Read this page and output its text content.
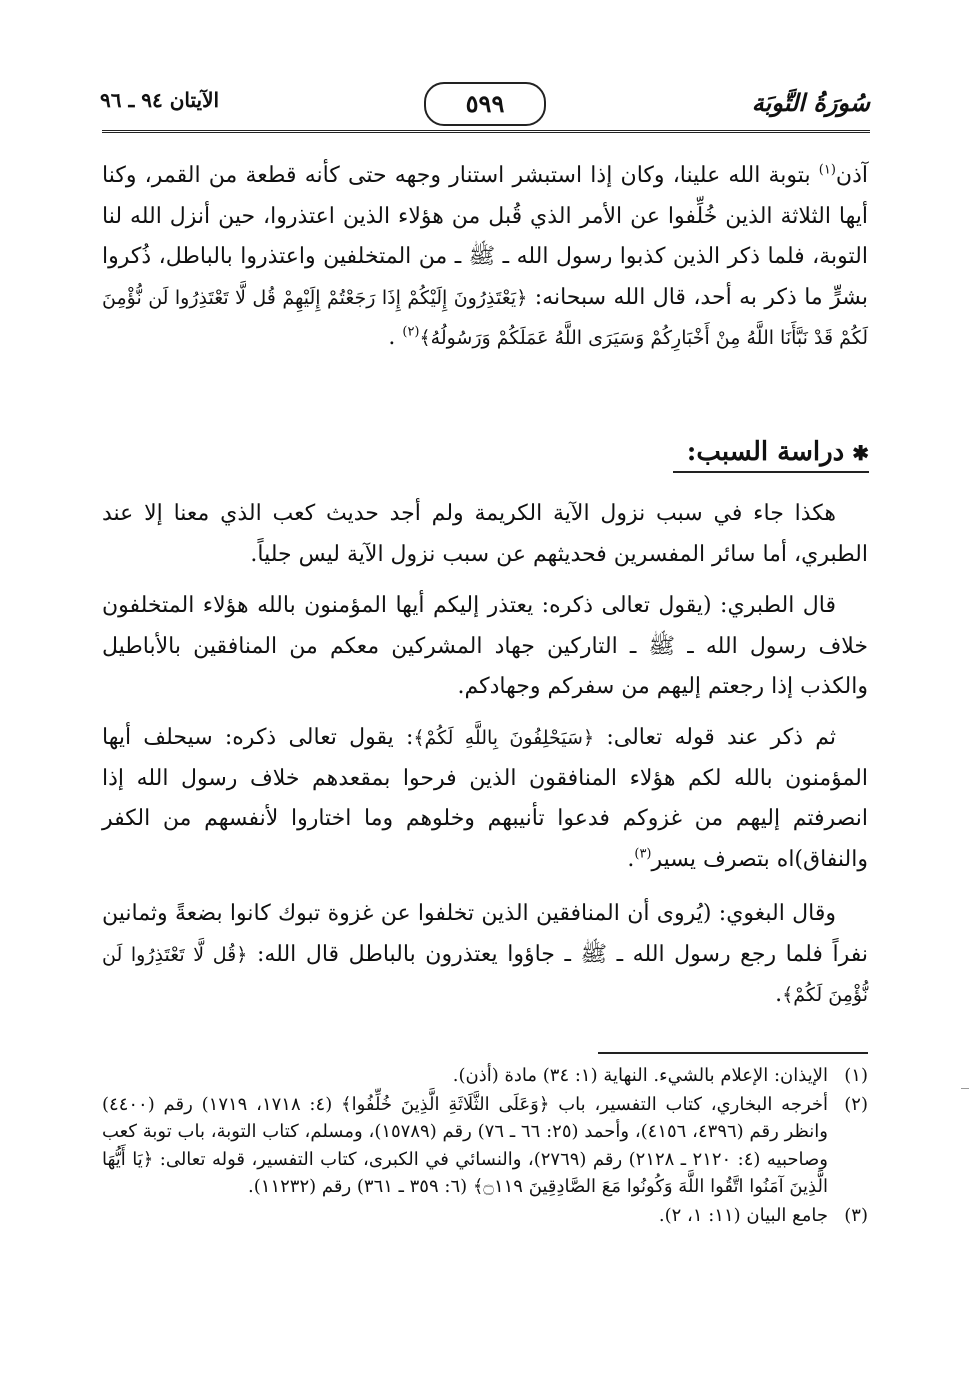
سُورَةُ التَّوبَة
٥٩٩
الآيتان ٩٤ ـ ٩٦

آذن$^{(١)}$ بتوبة الله علينا، وكان إذا استبشر استنار وجهه حتى كأنه قطعة من القمر، وكنا أيها الثلاثة الذين خُلِّفوا عن الأمر الذي قُبل من هؤلاء الذين اعتذروا، حين أنزل الله لنا التوبة، فلما ذكر الذين كذبوا رسول الله ـ ﷺ ـ من المتخلفين واعتذروا بالباطل، ذُكروا بشرٍّ ما ذكر به أحد، قال الله سبحانه: ﴿يَعْتَذِرُونَ إِلَيْكُمْ إِذَا رَجَعْتُمْ إِلَيْهِمْ قُل لَّا تَعْتَذِرُوا لَن نُّؤْمِنَ لَكُمْ قَدْ نَبَّأَنَا اللَّهُ مِنْ أَخْبَارِكُمْ وَسَيَرَى اللَّهُ عَمَلَكُمْ وَرَسُولُهُ﴾$^{(٢)}$ .

✱دراسة السبب:

هكذا جاء في سبب نزول الآية الكريمة ولم أجد حديث كعب الذي معنا إلا عند الطبري، أما سائر المفسرين فحديثهم عن سبب نزول الآية ليس جلياً.

قال الطبري: (يقول تعالى ذكره: يعتذر إليكم أيها المؤمنون بالله هؤلاء المتخلفون خلاف رسول الله ـ ﷺ ـ التاركين جهاد المشركين معكم من المنافقين بالأباطيل والكذب إذا رجعتم إليهم من سفركم وجهادكم.

ثم ذكر عند قوله تعالى: ﴿سَيَحْلِفُونَ بِاللَّهِ لَكُمْ﴾: يقول تعالى ذكره: سيحلف أيها المؤمنون بالله لكم هؤلاء المنافقون الذين فرحوا بمقعدهم خلاف رسول الله إذا انصرفتم إليهم من غزوكم فدعوا تأنيبهم وخلوهم وما اختاروا لأنفسهم من الكفر والنفاق)اه بتصرف يسير$^{(٣)}$.

وقال البغوي: (يُروى أن المنافقين الذين تخلفوا عن غزوة تبوك كانوا بضعةً وثمانين نفراً فلما رجع رسول الله ـ ﷺ ـ جاؤوا يعتذرون بالباطل قال الله: ﴿قُل لَّا تَعْتَذِرُوا لَن نُّؤْمِنَ لَكُمْ﴾.

(١)
الإيذان: الإعلام بالشيء. النهاية (١: ٣٤) مادة (أذن).
(٢)
أخرجه البخاري، كتاب التفسير، باب ﴿وَعَلَى الثَّلَاثَةِ الَّذِينَ خُلِّفُوا﴾ (٤: ١٧١٨، ١٧١٩) رقم (٤٤٠٠) وانظر رقم (٤٣٩٦، ٤١٥٦)، وأحمد (٢٥: ٦٦ ـ ٧٦) رقم (١٥٧٨٩)، ومسلم، كتاب التوبة، باب توبة كعب وصاحبيه (٤: ٢١٢٠ ـ ٢١٢٨) رقم (٢٧٦٩)، والنسائي في الكبرى، كتاب التفسير، قوله تعالى: ﴿يَا أَيُّهَا الَّذِينَ آمَنُوا اتَّقُوا اللَّهَ وَكُونُوا مَعَ الصَّادِقِينَ ۝١١٩﴾ (٦: ٣٥٩ ـ ٣٦١) رقم (١١٢٣٢).
(٣)
جامع البيان (١١: ١، ٢).
